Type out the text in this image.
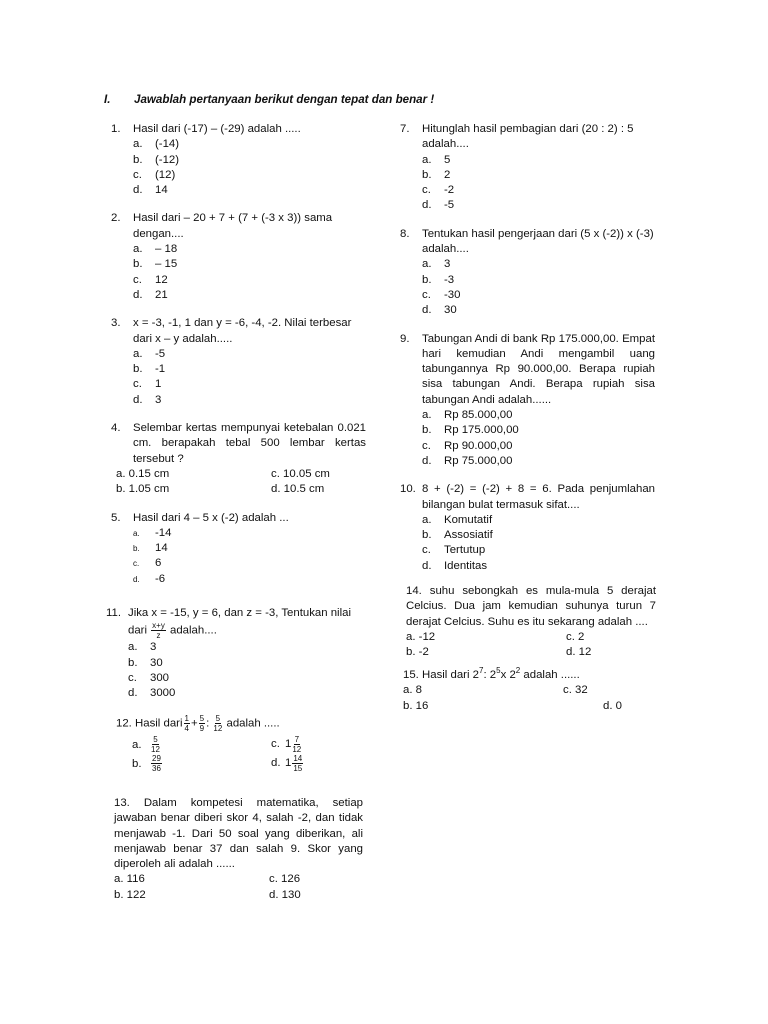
I. Jawablah pertanyaan berikut dengan tepat dan benar !
1.	Hasil dari (-17) – (-29) adalah .....
a.	(-14)
b.	(-12)
c.	(12)
d.	14
2.	Hasil dari – 20 + 7 + (7 + (-3 x 3)) sama dengan....
a.	– 18
b.	– 15
c.	12
d.	21
3.	x = -3, -1, 1 dan y = -6, -4, -2. Nilai terbesar dari x – y adalah.....
a.	-5
b.	-1
c.	1
d.	3
4.	Selembar kertas mempunyai ketebalan 0.021 cm. berapakah tebal 500 lembar kertas tersebut ?
a. 0.15 cm	c. 10.05 cm
b. 1.05 cm	d. 10.5 cm
5.	Hasil dari 4 – 5 x (-2) adalah ...
a.	-14
b.	14
c.	6
d.	-6
11. Jika x = -15, y = 6, dan z = -3, Tentukan nilai
dari $\frac{x+y}{z}$ adalah....
a.	3
b.	30
c.	300
d.	3000
12. Hasil dari $\frac{1}{4} + \frac{5}{9}$ : $\frac{5}{12}$ adalah .....
a. $\frac{5}{12}$	c. $1 \frac{7}{12}$
b. $\frac{29}{36}$	d. $1 \frac{14}{15}$
13. Dalam kompetesi matematika, setiap jawaban benar diberi skor 4, salah -2, dan tidak menjawab -1. Dari 50 soal yang diberikan, ali menjawab benar 37 dan salah 9. Skor yang diperoleh ali adalah ......
a. 116	c. 126
b. 122	d. 130
7.	Hitunglah hasil pembagian dari (20 : 2) : 5 adalah....
a.	5
b.	2
c.	-2
d.	-5
8.	Tentukan hasil pengerjaan dari (5 x (-2)) x (-3) adalah....
a.	3
b.	-3
c.	-30
d.	30
9.	Tabungan Andi di bank Rp 175.000,00. Empat hari kemudian Andi mengambil uang tabungannya Rp 90.000,00. Berapa rupiah sisa tabungan Andi. Berapa rupiah sisa tabungan Andi adalah......
a.	Rp 85.000,00
b.	Rp 175.000,00
c.	Rp 90.000,00
d.	Rp 75.000,00
10. 8 + (-2) = (-2) + 8 = 6. Pada penjumlahan bilangan bulat termasuk sifat....
a.	Komutatif
b.	Assosiatif
c.	Tertutup
d.	Identitas
14. suhu sebongkah es mula-mula 5 derajat Celcius. Dua jam kemudian suhunya turun 7 derajat Celcius. Suhu es itu sekarang adalah ....
a. -12	c. 2
b. -2	d. 12
15. Hasil dari $2^7$: $2^5x$ $2^2$ adalah ......
a. 8	c. 32
b. 16	d. 0
